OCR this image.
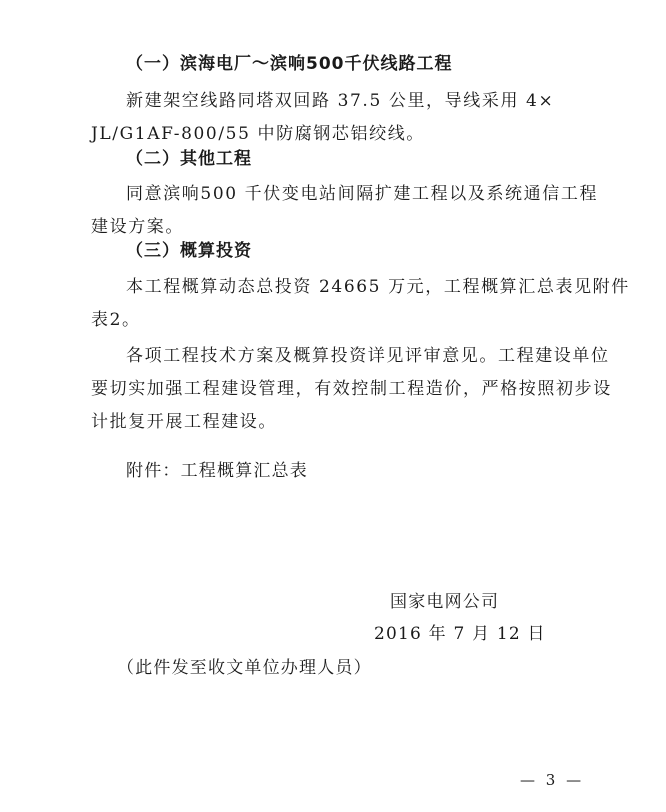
（一）滨海电厂～滨响500千伏线路工程
新建架空线路同塔双回路 37.5 公里，导线采用 4×
JL/G1AF-800/55 中防腐钢芯铝绞线。
（二）其他工程
同意滨响500 千伏变电站间隔扩建工程以及系统通信工程
建设方案。
（三）概算投资
本工程概算动态总投资 24665 万元，工程概算汇总表见附件
表2。
各项工程技术方案及概算投资详见评审意见。工程建设单位
要切实加强工程建设管理，有效控制工程造价，严格按照初步设
计批复开展工程建设。
附件：工程概算汇总表
国家电网公司
2016 年 7 月 12 日
（此件发至收文单位办理人员）
— 3 —
